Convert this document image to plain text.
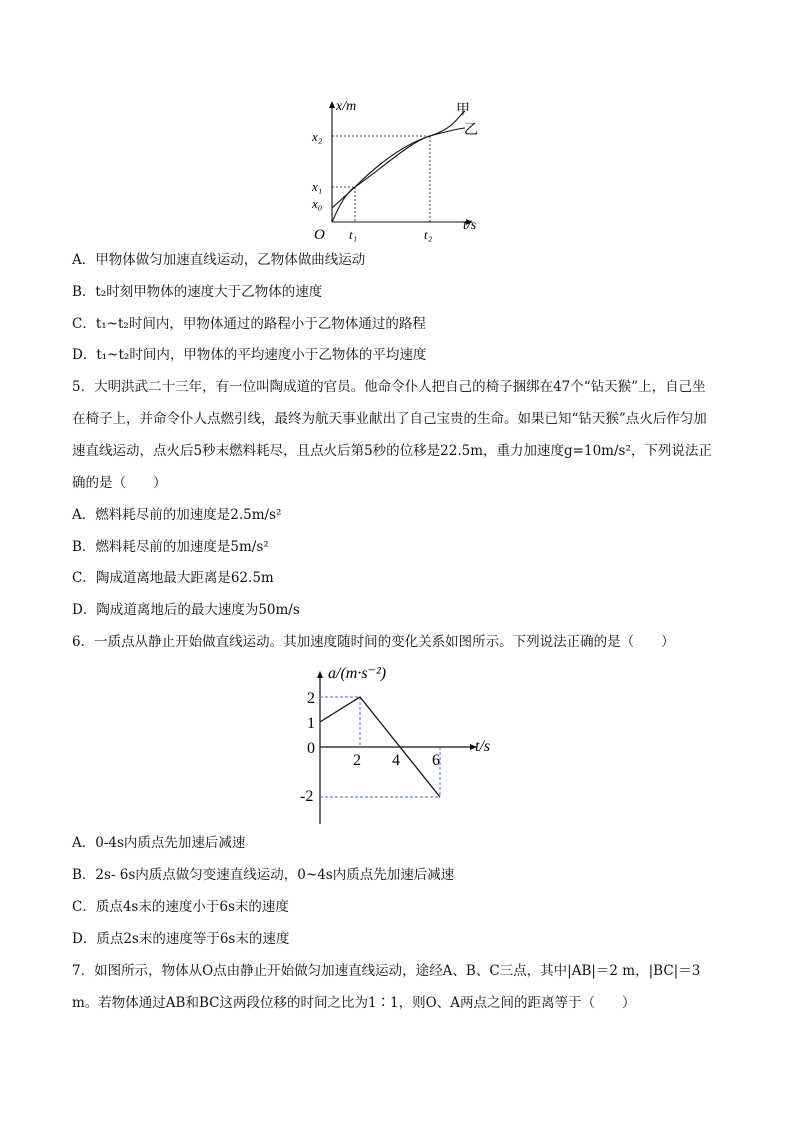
x/m
t/s
O
x₂
x₁
x₀
t₁	t₂
甲
乙
A．甲物体做匀加速直线运动，乙物体做曲线运动
B．t₂时刻甲物体的速度大于乙物体的速度
C．t₁~t₂时间内，甲物体通过的路程小于乙物体通过的路程
D．t₁~t₂时间内，甲物体的平均速度小于乙物体的平均速度
5．大明洪武二十三年，有一位叫陶成道的官员。他命令仆人把自己的椅子捆绑在47个“钻天猴”上，自己坐
在椅子上，并命令仆人点燃引线，最终为航天事业献出了自己宝贵的生命。如果已知“钻天猴”点火后作匀加
速直线运动，点火后5秒末燃料耗尽，且点火后第5秒的位移是22.5m，重力加速度g=10m/s²，下列说法正
确的是（　　）
A．燃料耗尽前的加速度是2.5m/s²
B．燃料耗尽前的加速度是5m/s²
C．陶成道离地最大距离是62.5m
D．陶成道离地后的最大速度为50m/s
6．一质点从静止开始做直线运动。其加速度随时间的变化关系如图所示。下列说法正确的是（　　）
a/(m·s⁻²)
t/s
0
2
1
-2
2 4 6
A．0-4s内质点先加速后减速
B．2s- 6s内质点做匀变速直线运动，0~4s内质点先加速后减速
C．质点4s末的速度小于6s末的速度
D．质点2s末的速度等于6s末的速度
7．如图所示，物体从O点由静止开始做匀加速直线运动，途经A、B、C三点，其中|AB|＝2 m，|BC|＝3
m。若物体通过AB和BC这两段位移的时间之比为1∶1，则O、A两点之间的距离等于（　　）
